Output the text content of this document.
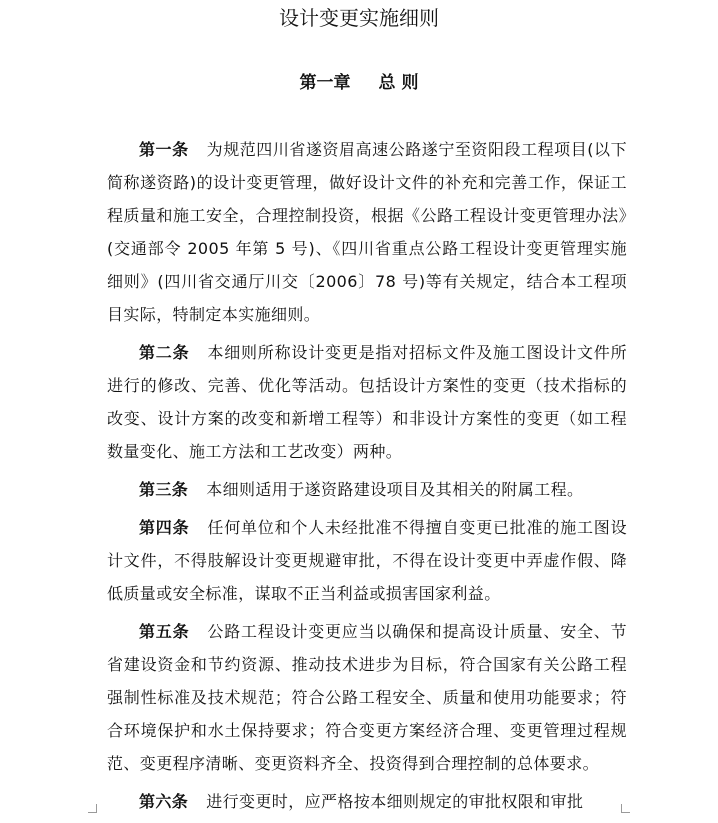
设计变更实施细则
第一章 总 则

第一条 为规范四川省遂资眉高速公路遂宁至资阳段工程项目(以下简称遂资路)的设计变更管理，做好设计文件的补充和完善工作，保证工程质量和施工安全，合理控制投资，根据《公路工程设计变更管理办法》(交通部令 2005 年第 5 号)、《四川省重点公路工程设计变更管理实施细则》(四川省交通厅川交〔2006〕78 号)等有关规定，结合本工程项目实际，特制定本实施细则。

第二条 本细则所称设计变更是指对招标文件及施工图设计文件所进行的修改、完善、优化等活动。包括设计方案性的变更（技术指标的改变、设计方案的改变和新增工程等）和非设计方案性的变更（如工程数量变化、施工方法和工艺改变）两种。

第三条 本细则适用于遂资路建设项目及其相关的附属工程。

第四条 任何单位和个人未经批准不得擅自变更已批准的施工图设计文件，不得肢解设计变更规避审批，不得在设计变更中弄虚作假、降低质量或安全标准，谋取不正当利益或损害国家利益。

第五条 公路工程设计变更应当以确保和提高设计质量、安全、节省建设资金和节约资源、推动技术进步为目标，符合国家有关公路工程强制性标准及技术规范；符合公路工程安全、质量和使用功能要求；符合环境保护和水土保持要求；符合变更方案经济合理、变更管理过程规范、变更程序清晰、变更资料齐全、投资得到合理控制的总体要求。

第六条 进行变更时，应严格按本细则规定的审批权限和审批
